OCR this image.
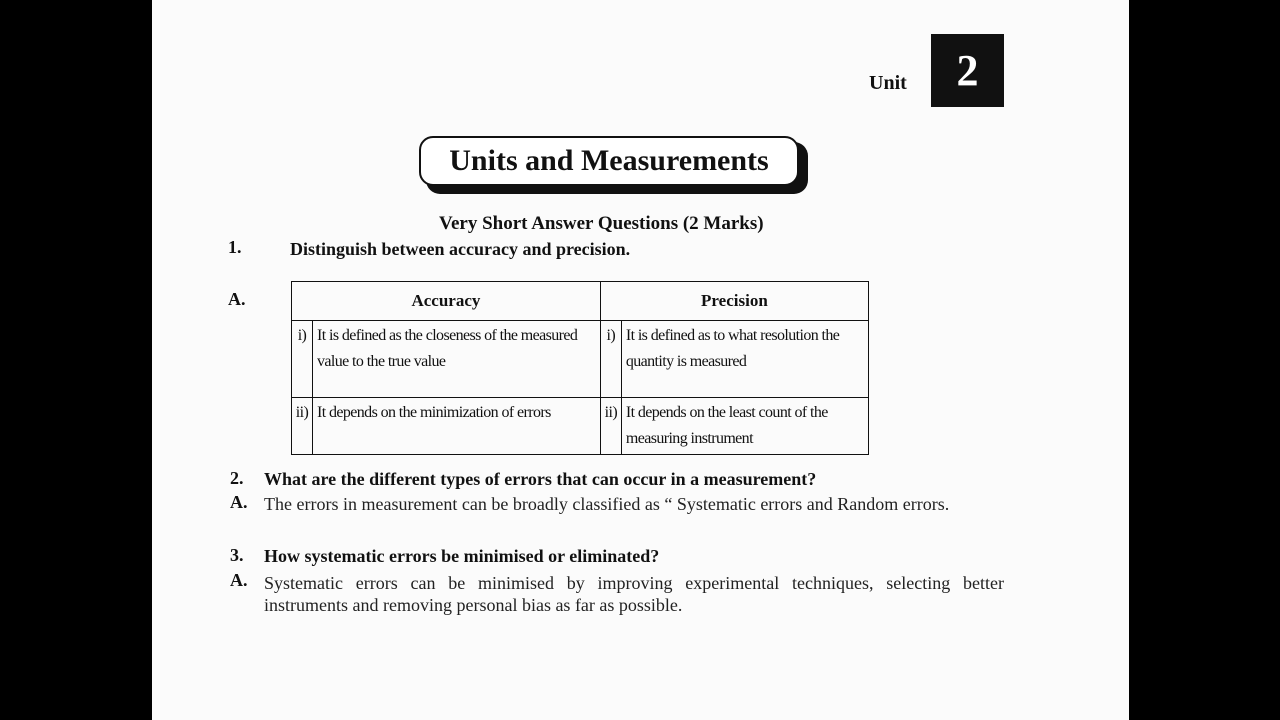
Unit	2
Units and Measurements
Very Short Answer Questions (2 Marks)
1.	Distinguish between accuracy and precision.
A.	Accuracy		Precision	
i)	It is defined as the closeness of the measured value to the true value	i)	It is defined as to what resolution the quantity is measured
ii)	It depends on the minimization of errors	ii)	It depends on the least count of the measuring instrument
2. What are the different types of errors that can occur in a measurement?
A. The errors in measurement can be broadly classified as “ Systematic errors and Random errors.
3. How systematic errors be minimised or eliminated?
A. Systematic errors can be minimised by improving experimental techniques, selecting better instruments and removing personal bias as far as possible.
